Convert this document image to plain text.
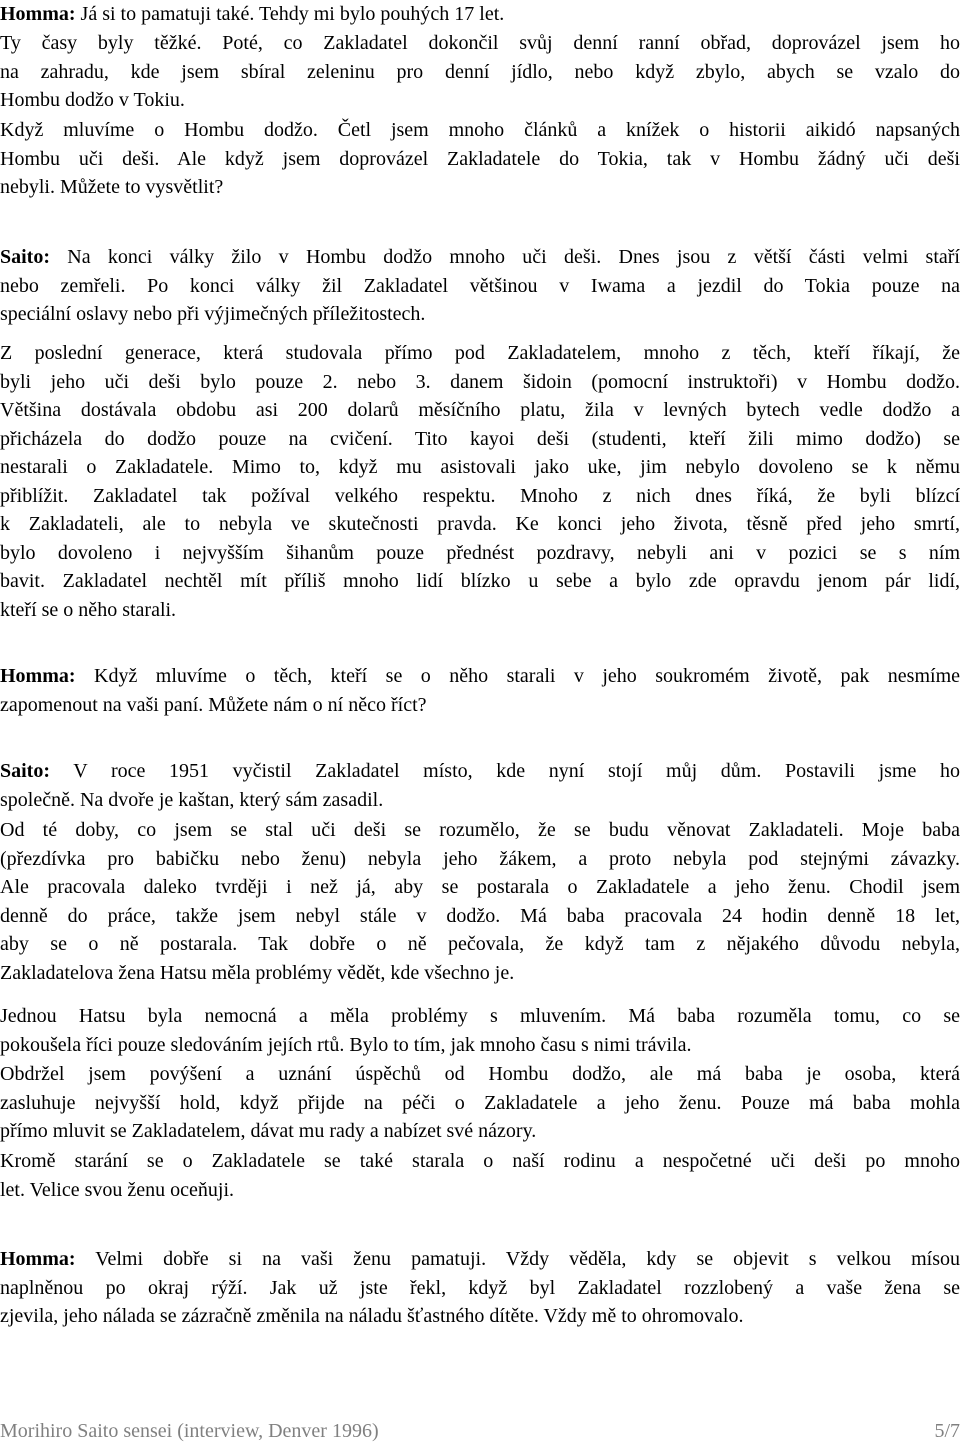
Homma: Já si to pamatuji také. Tehdy mi bylo pouhých 17 let.
Ty časy byly těžké. Poté, co Zakladatel dokončil svůj denní ranní obřad, doprovázel jsem ho
na zahradu, kde jsem sbíral zeleninu pro denní jídlo, nebo když zbylo, abych se vzalo do
Hombu dodžo v Tokiu.
Když mluvíme o Hombu dodžo. Četl jsem mnoho článků a knížek o historii aikidó napsaných
Hombu uči deši. Ale když jsem doprovázel Zakladatele do Tokia, tak v Hombu žádný uči deši
nebyli. Můžete to vysvětlit?
Saito: Na konci války žilo v Hombu dodžo mnoho uči deši. Dnes jsou z větší části velmi staří
nebo zemřeli. Po konci války žil Zakladatel většinou v Iwama a jezdil do Tokia pouze na
speciální oslavy nebo při výjimečných příležitostech.
Z poslední generace, která studovala přímo pod Zakladatelem, mnoho z těch, kteří říkají, že
byli jeho uči deši bylo pouze 2. nebo 3. danem šidoin (pomocní instruktoři) v Hombu dodžo.
Většina dostávala obdobu asi 200 dolarů měsíčního platu, žila v levných bytech vedle dodžo a
přicházela do dodžo pouze na cvičení. Tito kayoi deši (studenti, kteří žili mimo dodžo) se
nestarali o Zakladatele. Mimo to, když mu asistovali jako uke, jim nebylo dovoleno se k němu
přiblížit. Zakladatel tak požíval velkého respektu. Mnoho z nich dnes říká, že byli blízcí
k Zakladateli, ale to nebyla ve skutečnosti pravda. Ke konci jeho života, těsně před jeho smrtí,
bylo dovoleno i nejvyšším šihanům pouze přednést pozdravy, nebyli ani v pozici se s ním
bavit. Zakladatel nechtěl mít příliš mnoho lidí blízko u sebe a bylo zde opravdu jenom pár lidí,
kteří se o něho starali.
Homma: Když mluvíme o těch, kteří se o něho starali v jeho soukromém životě, pak nesmíme
zapomenout na vaši paní. Můžete nám o ní něco říct?
Saito: V roce 1951 vyčistil Zakladatel místo, kde nyní stojí můj dům. Postavili jsme ho
společně. Na dvoře je kaštan, který sám zasadil.
Od té doby, co jsem se stal uči deši se rozumělo, že se budu věnovat Zakladateli. Moje baba
(přezdívka pro babičku nebo ženu) nebyla jeho žákem, a proto nebyla pod stejnými závazky.
Ale pracovala daleko tvrději i než já, aby se postarala o Zakladatele a jeho ženu. Chodil jsem
denně do práce, takže jsem nebyl stále v dodžo. Má baba pracovala 24 hodin denně 18 let,
aby se o ně postarala. Tak dobře o ně pečovala, že když tam z nějakého důvodu nebyla,
Zakladatelova žena Hatsu měla problémy vědět, kde všechno je.
Jednou Hatsu byla nemocná a měla problémy s mluvením. Má baba rozuměla tomu, co se
pokoušela říci pouze sledováním jejích rtů. Bylo to tím, jak mnoho času s nimi trávila.
Obdržel jsem povýšení a uznání úspěchů od Hombu dodžo, ale má baba je osoba, která
zasluhuje nejvyšší hold, když přijde na péči o Zakladatele a jeho ženu. Pouze má baba mohla
přímo mluvit se Zakladatelem, dávat mu rady a nabízet své názory.
Kromě starání se o Zakladatele se také starala o naší rodinu a nespočetné uči deši po mnoho
let. Velice svou ženu oceňuji.
Homma: Velmi dobře si na vaši ženu pamatuji. Vždy věděla, kdy se objevit s velkou mísou
naplněnou po okraj rýží. Jak už jste řekl, když byl Zakladatel rozzlobený a vaše žena se
zjevila, jeho nálada se zázračně změnila na náladu šťastného dítěte. Vždy mě to ohromovalo.
Morihiro Saito sensei (interview, Denver 1996)	5/7
